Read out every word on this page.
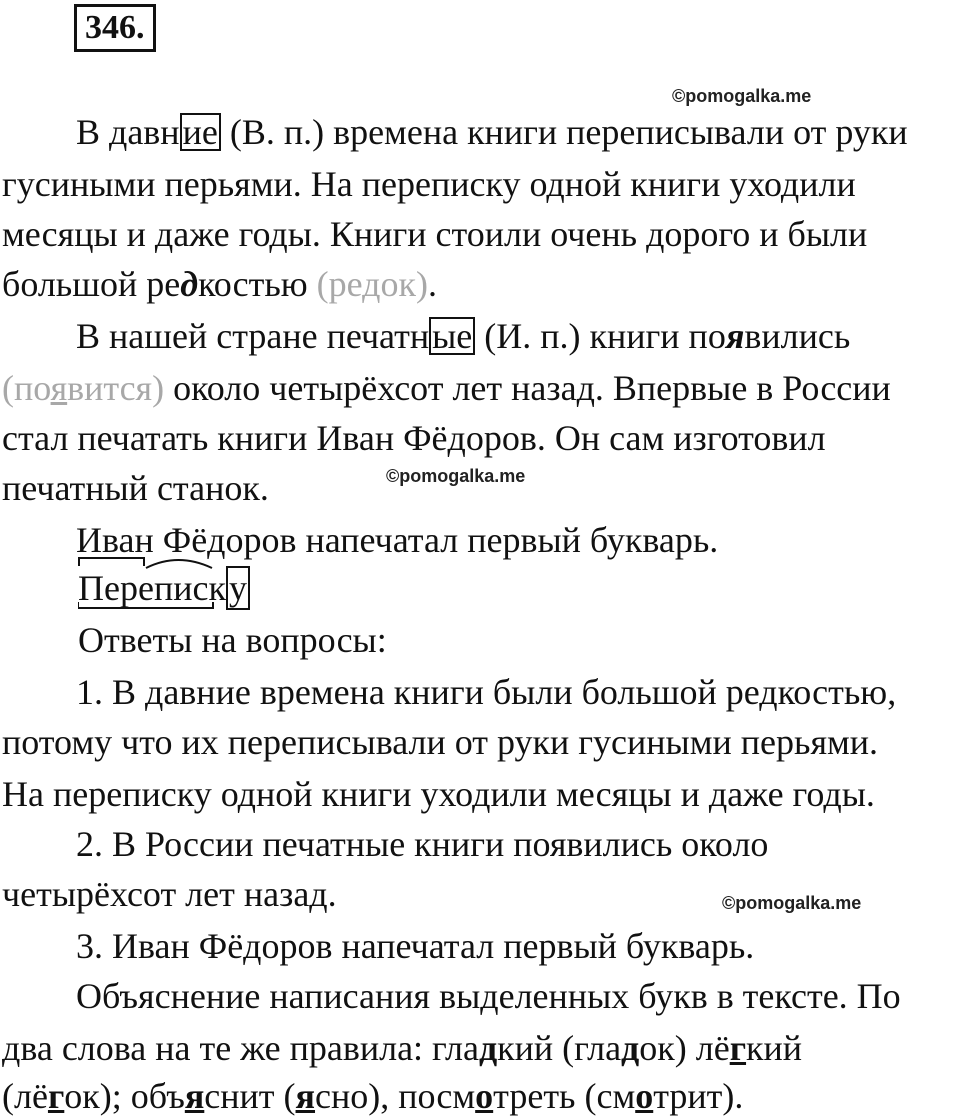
346.
©pomogalka.me
©pomogalka.me
©pomogalka.me
В давние (В. п.) времена книги переписывали от руки
гусиными перьями. На переписку одной книги уходили
месяцы и даже годы. Книги стоили очень дорого и были
большой редкостью (редок).
В нашей стране печатные (И. п.) книги появились
(появится) около четырёхсот лет назад. Впервые в России
стал печатать книги Иван Фёдоров. Он сам изготовил
печатный станок.
Иван Фёдоров напечатал первый букварь.
Переписку
Ответы на вопросы:
1. В давние времена книги были большой редкостью,
потому что их переписывали от руки гусиными перьями.
На переписку одной книги уходили месяцы и даже годы.
2. В России печатные книги появились около
четырёхсот лет назад.
3. Иван Фёдоров напечатал первый букварь.
Объяснение написания выделенных букв в тексте. По
два слова на те же правила: гладкий (гладок) лёгкий
(лёгок); объяснит (ясно), посмотреть (смотрит).
